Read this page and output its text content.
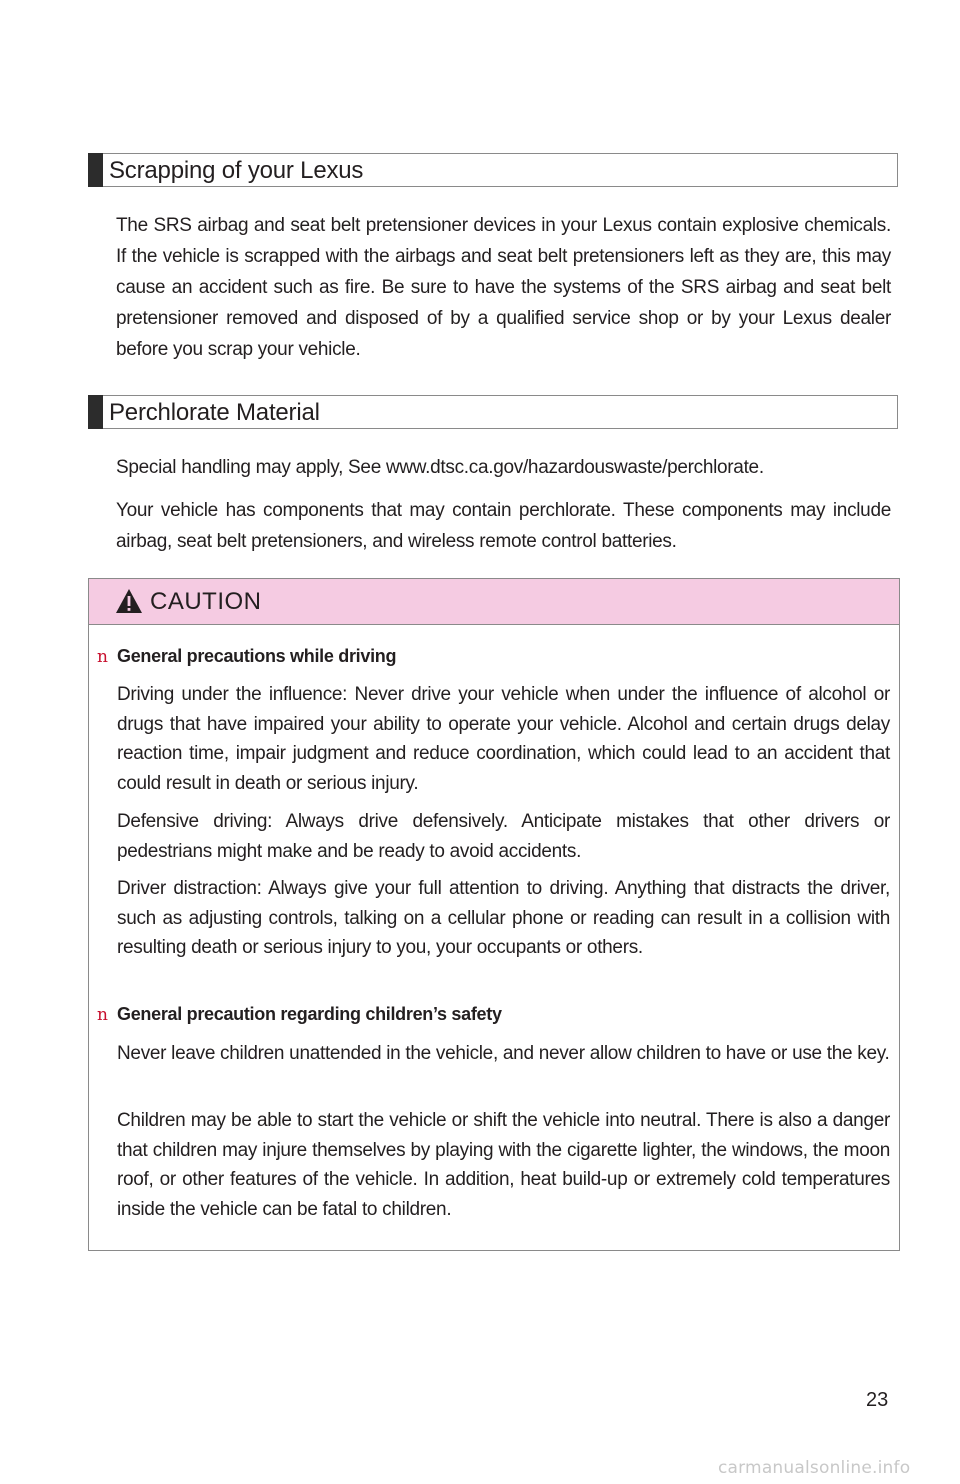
Scrapping of your Lexus

The SRS airbag and seat belt pretensioner devices in your Lexus contain explosive chemicals. If the vehicle is scrapped with the airbags and seat belt pretensioners left as they are, this may cause an accident such as fire. Be sure to have the systems of the SRS airbag and seat belt pretensioner removed and disposed of by a qualified service shop or by your Lexus dealer before you scrap your vehicle.

Perchlorate Material

Special handling may apply, See www.dtsc.ca.gov/hazardouswaste/perchlorate.

Your vehicle has components that may contain perchlorate. These components may include airbag, seat belt pretensioners, and wireless remote control batteries.

CAUTION
n General precautions while driving

Driving under the influence: Never drive your vehicle when under the influence of alcohol or drugs that have impaired your ability to operate your vehicle. Alcohol and certain drugs delay reaction time, impair judgment and reduce coordination, which could lead to an accident that could result in death or serious injury.

Defensive driving: Always drive defensively. Anticipate mistakes that other drivers or pedestrians might make and be ready to avoid accidents.

Driver distraction: Always give your full attention to driving. Anything that distracts the driver, such as adjusting controls, talking on a cellular phone or reading can result in a collision with resulting death or serious injury to you, your occupants or others.

n General precaution regarding children’s safety

Never leave children unattended in the vehicle, and never allow children to have or use the key.

Children may be able to start the vehicle or shift the vehicle into neutral. There is also a danger that children may injure themselves by playing with the cigarette lighter, the windows, the moon roof, or other features of the vehicle. In addition, heat build-up or extremely cold temperatures inside the vehicle can be fatal to children.

23
carmanualsonline.info
